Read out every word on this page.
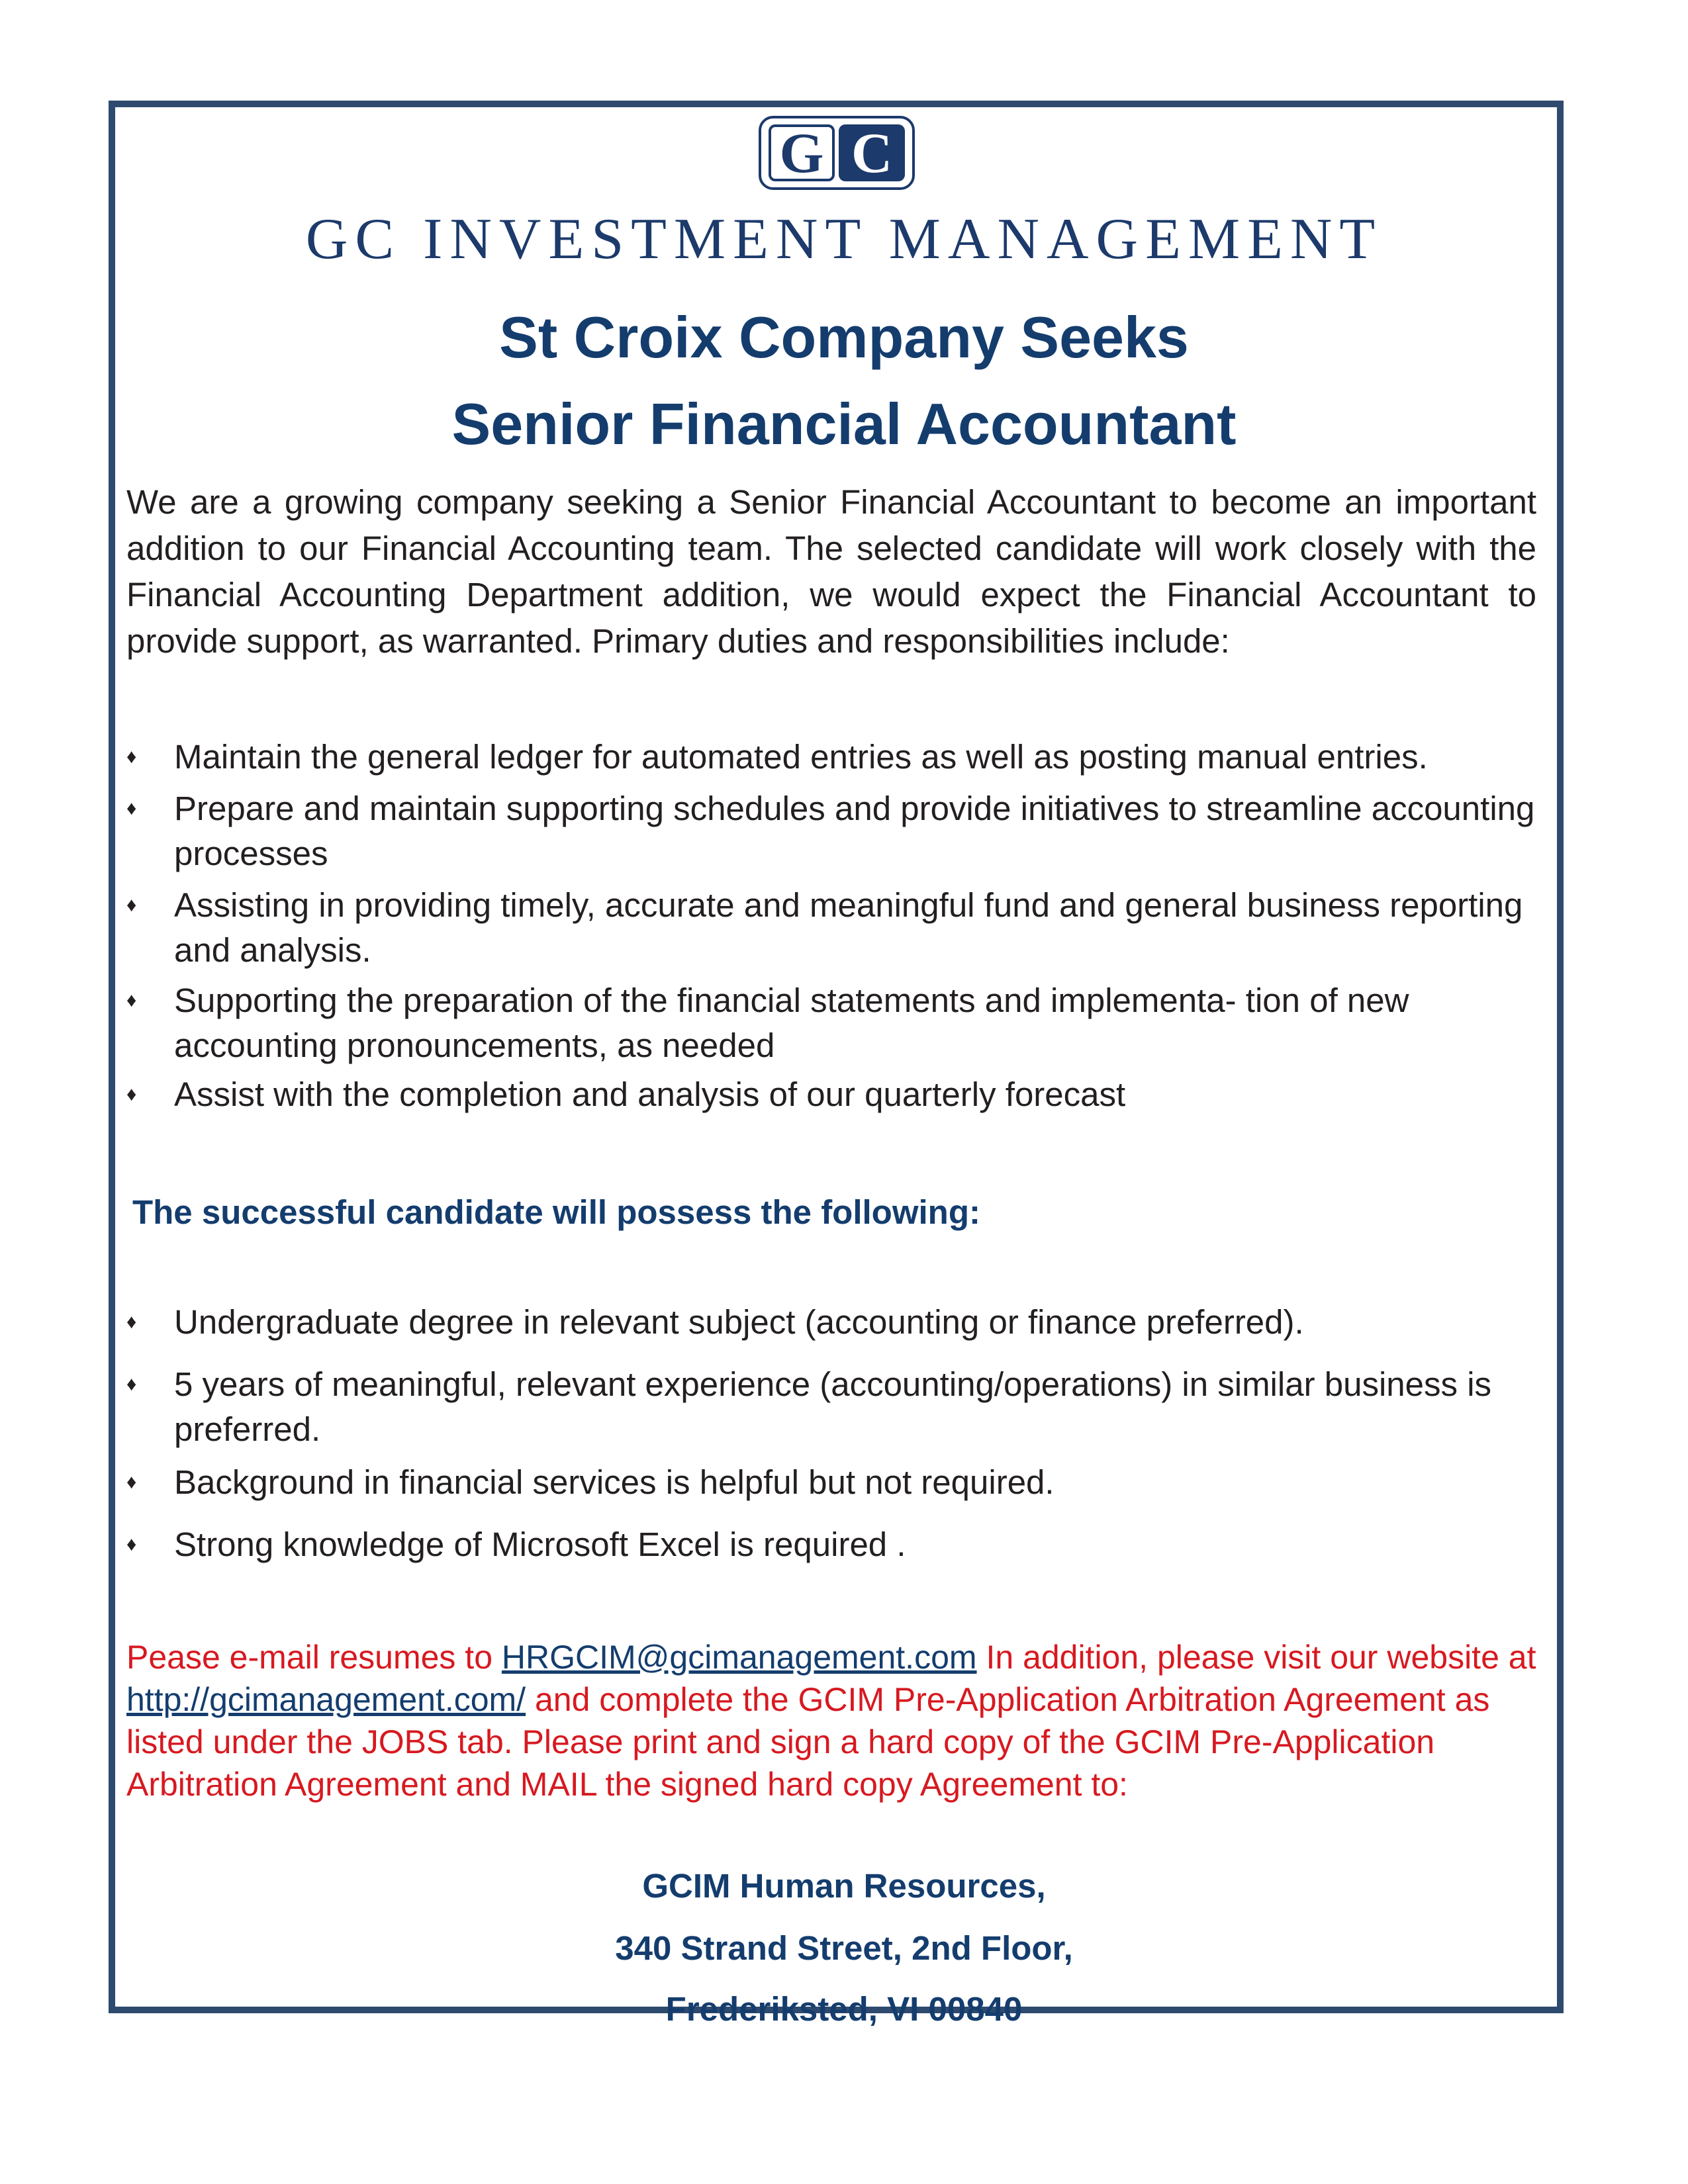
G C
GC INVESTMENT MANAGEMENT
St Croix Company Seeks
Senior Financial Accountant

We are a growing company seeking a Senior Financial Accountant to become an important addition to our Financial Accounting team. The selected candidate will work closely with the Financial Accounting Department addition, we would expect the Financial Accountant to provide support, as warranted. Primary duties and responsibilities include:

♦	Maintain the general ledger for automated entries as well as posting manual entries.
♦	Prepare and maintain supporting schedules and provide initiatives to streamline accounting processes
♦	Assisting in providing timely, accurate and meaningful fund and general business reporting and analysis.
♦	Supporting the preparation of the financial statements and implementa- tion of new accounting pronouncements, as needed
♦	Assist with the completion and analysis of our quarterly forecast
The successful candidate will possess the following:
♦	Undergraduate degree in relevant subject (accounting or finance preferred).
♦	5 years of meaningful, relevant experience (accounting/operations) in similar business is preferred.
♦	Background in financial services is helpful but not required.
♦	Strong knowledge of Microsoft Excel is required .

Pease e-mail resumes to HRGCIM@gcimanagement.com In addition, please visit our website at http://gcimanagement.com/ and complete the GCIM Pre-Application Arbitration Agreement as listed under the JOBS tab. Please print and sign a hard copy of the GCIM Pre-Application Arbitration Agreement and MAIL the signed hard copy Agreement to:

GCIM Human Resources,
340 Strand Street, 2nd Floor,
Frederiksted, VI 00840
